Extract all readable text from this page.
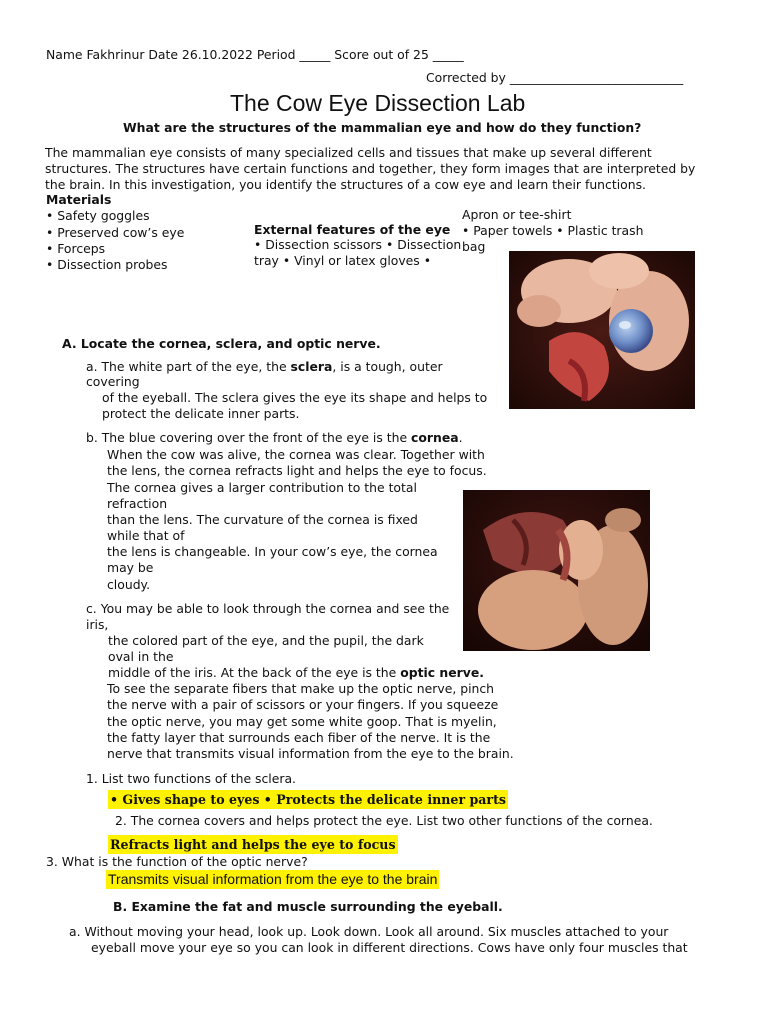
Name Fakhrinur Date 26.10.2022 Period _____ Score out of 25 _____
Corrected by ____________________________
The Cow Eye Dissection Lab
What are the structures of the mammalian eye and how do they function?
The mammalian eye consists of many specialized cells and tissues that make up several different
structures. The structures have certain functions and together, they form images that are interpreted by
the brain. In this investigation, you identify the structures of a cow eye and learn their functions.
Materials
• Safety goggles
• Preserved cow’s eye
• Forceps
• Dissection probes
External features of the eye
• Dissection scissors • Dissection
tray • Vinyl or latex gloves •
Apron or tee-shirt
• Paper towels • Plastic trash
bag
A. Locate the cornea, sclera, and optic nerve.
a. The white part of the eye, the sclera, is a tough, outer
covering
of the eyeball. The sclera gives the eye its shape and helps to
protect the delicate inner parts.
b. The blue covering over the front of the eye is the cornea.
When the cow was alive, the cornea was clear. Together with
the lens, the cornea refracts light and helps the eye to focus.
The cornea gives a larger contribution to the total
refraction
than the lens. The curvature of the cornea is fixed
while that of
the lens is changeable. In your cow’s eye, the cornea
may be
cloudy.
c. You may be able to look through the cornea and see the
iris,
the colored part of the eye, and the pupil, the dark
oval in the
middle of the iris. At the back of the eye is the optic nerve.
To see the separate fibers that make up the optic nerve, pinch
the nerve with a pair of scissors or your fingers. If you squeeze
the optic nerve, you may get some white goop. That is myelin,
the fatty layer that surrounds each fiber of the nerve. It is the
nerve that transmits visual information from the eye to the brain.
1. List two functions of the sclera.
• Gives shape to eyes • Protects the delicate inner parts
2. The cornea covers and helps protect the eye. List two other functions of the cornea.
Refracts light and helps the eye to focus
3. What is the function of the optic nerve?
Transmits visual information from the eye to the brain
B. Examine the fat and muscle surrounding the eyeball.
a. Without moving your head, look up. Look down. Look all around. Six muscles attached to your
eyeball move your eye so you can look in different directions. Cows have only four muscles that
